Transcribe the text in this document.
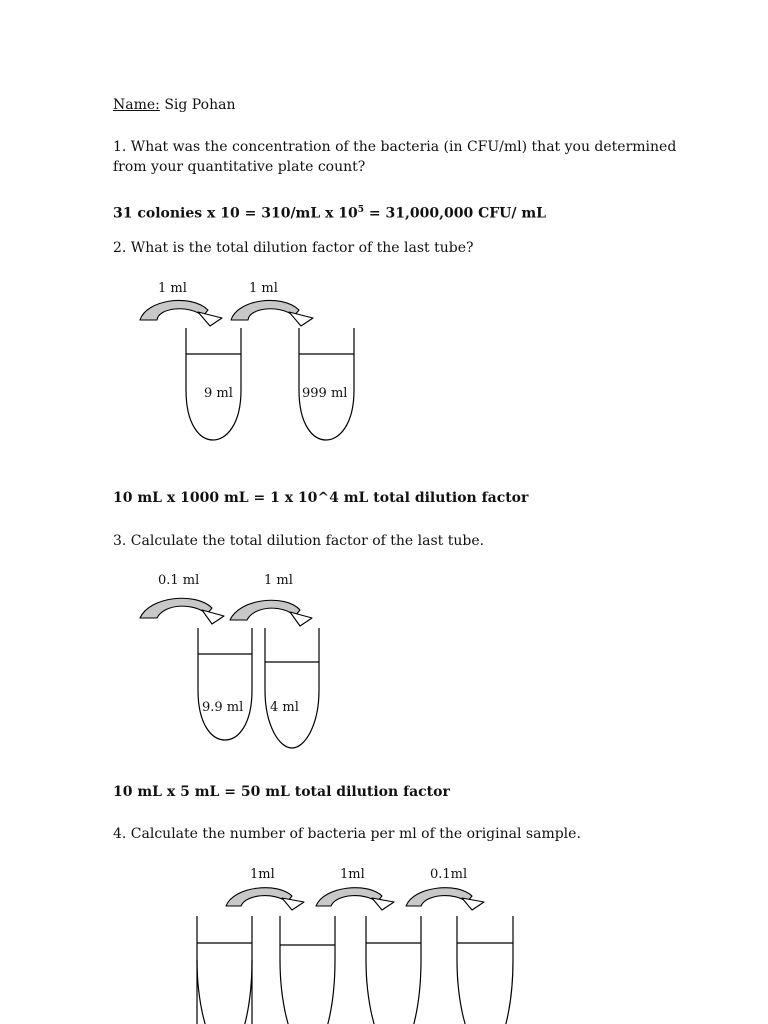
Name: Sig Pohan
1. What was the concentration of the bacteria (in CFU/ml) that you determined
from your quantitative plate count?
31 colonies x 10 = 310/mL x $10^5 = 31,000,000$ CFU/ mL
2. What is the total dilution factor of the last tube?
1 ml	1 ml
9 ml	999 ml
10 mL x 1000 mL = 1 x 10^4 mL total dilution factor
3. Calculate the total dilution factor of the last tube.
0.1 ml	1 ml
9.9 ml 4 ml
10 mL x 5 mL = 50 mL total dilution factor
4. Calculate the number of bacteria per ml of the original sample.
1ml	1ml	0.1ml
